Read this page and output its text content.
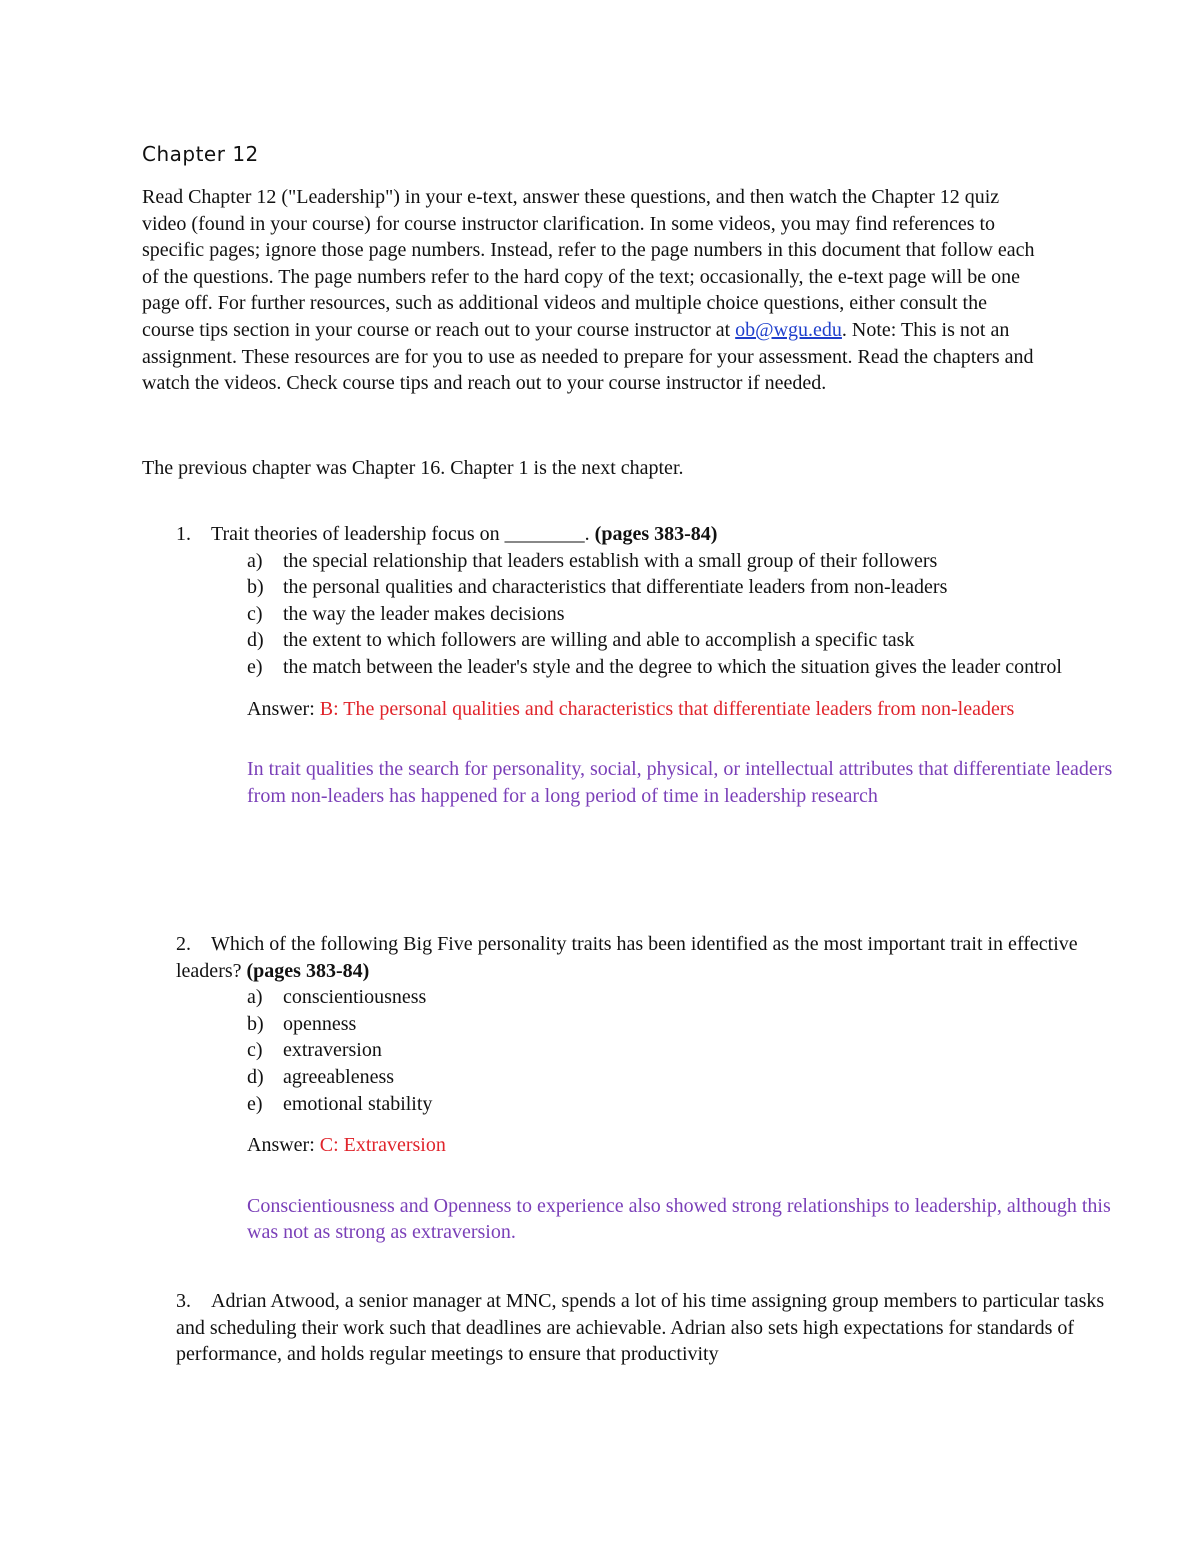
Chapter 12

Read Chapter 12 ("Leadership") in your e-text, answer these questions, and then watch the Chapter 12 quiz video (found in your course) for course instructor clarification. In some videos, you may find references to specific pages; ignore those page numbers. Instead, refer to the page numbers in this document that follow each of the questions. The page numbers refer to the hard copy of the text; occasionally, the e-text page will be one page off. For further resources, such as additional videos and multiple choice questions, either consult the course tips section in your course or reach out to your course instructor at ob@wgu.edu. Note: This is not an assignment. These resources are for you to use as needed to prepare for your assessment. Read the chapters and watch the videos. Check course tips and reach out to your course instructor if needed.

The previous chapter was Chapter 16. Chapter 1 is the next chapter.

1. Trait theories of leadership focus on ________. (pages 383-84)

a) the special relationship that leaders establish with a small group of their followers
b) the personal qualities and characteristics that differentiate leaders from non-leaders
c) the way the leader makes decisions
d) the extent to which followers are willing and able to accomplish a specific task
e) the match between the leader's style and the degree to which the situation gives the leader control

Answer: B: The personal qualities and characteristics that differentiate leaders from non-leaders

In trait qualities the search for personality, social, physical, or intellectual attributes that differentiate leaders from non-leaders has happened for a long period of time in leadership research

2. Which of the following Big Five personality traits has been identified as the most important trait in effective leaders? (pages 383-84)

a) conscientiousness
b) openness
c) extraversion
d) agreeableness
e) emotional stability

Answer: C: Extraversion

Conscientiousness and Openness to experience also showed strong relationships to leadership, although this was not as strong as extraversion.

3. Adrian Atwood, a senior manager at MNC, spends a lot of his time assigning group members to particular tasks and scheduling their work such that deadlines are achievable. Adrian also sets high expectations for standards of performance, and holds regular meetings to ensure that productivity
